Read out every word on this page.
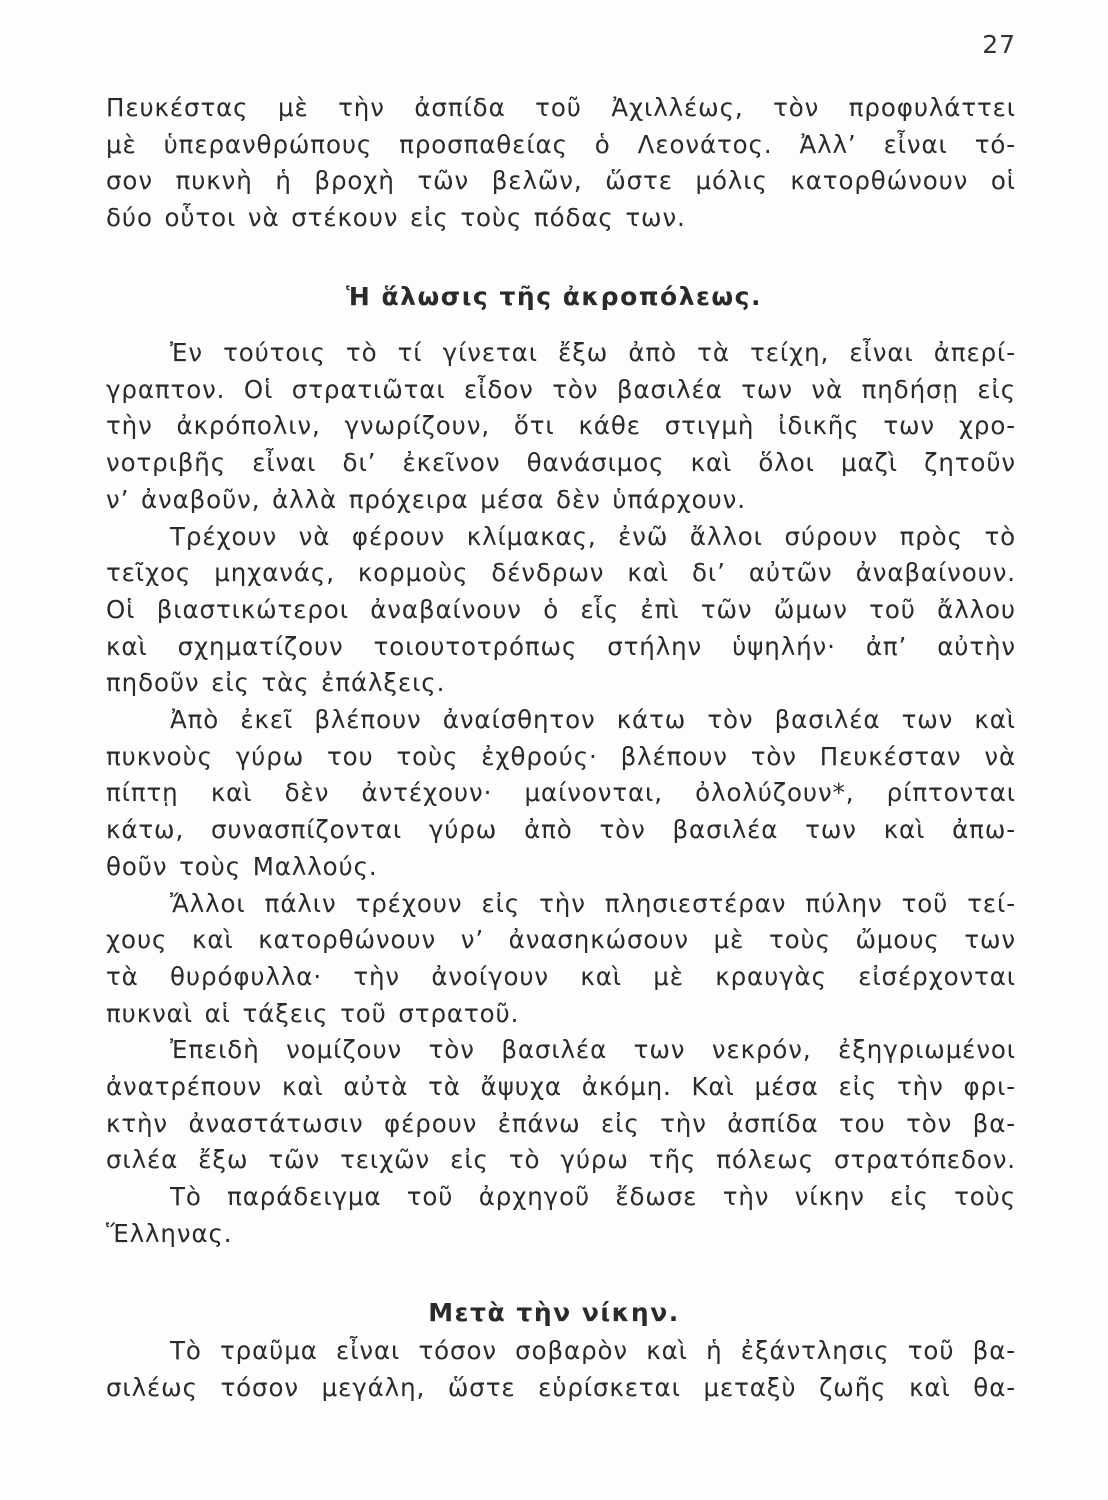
27
Πευκέστας μὲ τὴν ἀσπίδα τοῦ Ἀχιλλέως, τὸν προφυλάττει
μὲ ὑπερανθρώπους προσπαθείας ὁ Λεονάτος. Ἀλλ’ εἶναι τό-
σον πυκνὴ ἡ βροχὴ τῶν βελῶν, ὥστε μόλις κατορθώνουν οἱ
δύο οὗτοι νὰ στέκουν εἰς τοὺς πόδας των.
Ἡ ἅλωσις τῆς ἀκροπόλεως.
Ἐν τούτοις τὸ τί γίνεται ἔξω ἀπὸ τὰ τείχη, εἶναι ἀπερί-
γραπτον. Οἱ στρατιῶται εἶδον τὸν βασιλέα των νὰ πηδήσῃ εἰς
τὴν ἀκρόπολιν, γνωρίζουν, ὅτι κάθε στιγμὴ ἰδικῆς των χρο-
νοτριβῆς εἶναι δι’ ἐκεῖνον θανάσιμος καὶ ὅλοι μαζὶ ζητοῦν
ν’ ἀναβοῦν, ἀλλὰ πρόχειρα μέσα δὲν ὑπάρχουν.
Τρέχουν νὰ φέρουν κλίμακας, ἐνῶ ἄλλοι σύρουν πρὸς τὸ
τεῖχος μηχανάς, κορμοὺς δένδρων καὶ δι’ αὐτῶν ἀναβαίνουν.
Οἱ βιαστικώτεροι ἀναβαίνουν ὁ εἷς ἐπὶ τῶν ὤμων τοῦ ἄλλου
καὶ σχηματίζουν τοιουτοτρόπως στήλην ὑψηλήν· ἀπ’ αὐτὴν
πηδοῦν εἰς τὰς ἐπάλξεις.
Ἀπὸ ἐκεῖ βλέπουν ἀναίσθητον κάτω τὸν βασιλέα των καὶ
πυκνοὺς γύρω του τοὺς ἐχθρούς· βλέπουν τὸν Πευκέσταν νὰ
πίπτῃ καὶ δὲν ἀντέχουν· μαίνονται, ὀλολύζουν*, ρίπτονται
κάτω, συνασπίζονται γύρω ἀπὸ τὸν βασιλέα των καὶ ἀπω-
θοῦν τοὺς Μαλλούς.
Ἄλλοι πάλιν τρέχουν εἰς τὴν πλησιεστέραν πύλην τοῦ τεί-
χους καὶ κατορθώνουν ν’ ἀνασηκώσουν μὲ τοὺς ὤμους των
τὰ θυρόφυλλα· τὴν ἀνοίγουν καὶ μὲ κραυγὰς εἰσέρχονται
πυκναὶ αἱ τάξεις τοῦ στρατοῦ.
Ἐπειδὴ νομίζουν τὸν βασιλέα των νεκρόν, ἐξηγριωμένοι
ἀνατρέπουν καὶ αὐτὰ τὰ ἄψυχα ἀκόμη. Καὶ μέσα εἰς τὴν φρι-
κτὴν ἀναστάτωσιν φέρουν ἐπάνω εἰς τὴν ἀσπίδα του τὸν βα-
σιλέα ἔξω τῶν τειχῶν εἰς τὸ γύρω τῆς πόλεως στρατόπεδον.
Τὸ παράδειγμα τοῦ ἀρχηγοῦ ἔδωσε τὴν νίκην εἰς τοὺς
Ἕλληνας.
Μετὰ τὴν νίκην.
Τὸ τραῦμα εἶναι τόσον σοβαρὸν καὶ ἡ ἐξάντλησις τοῦ βα-
σιλέως τόσον μεγάλη, ὥστε εὑρίσκεται μεταξὺ ζωῆς καὶ θα-
